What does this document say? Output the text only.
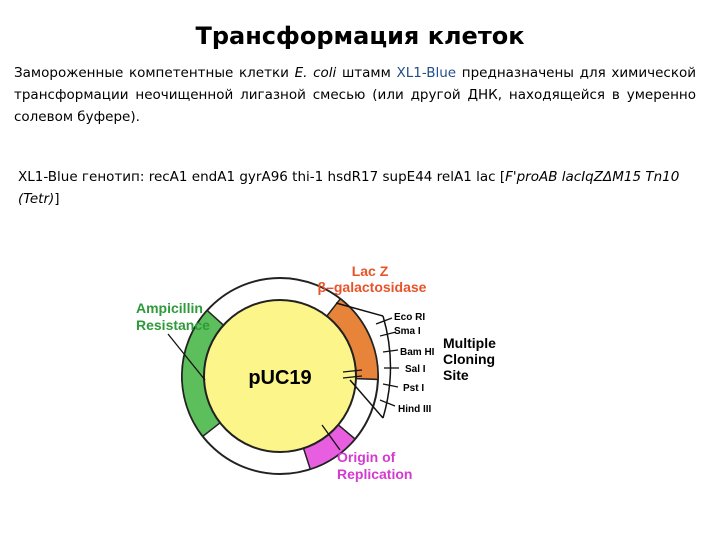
Трансформация клеток
Замороженные компетентные клетки E. coli штамм XL1-Blue предназначены для химической трансформации неочищенной лигазной смесью (или другой ДНК, находящейся в умеренно солевом буфере).
XL1-Blue генотип: recA1 endA1 gyrA96 thi-1 hsdR17 supE44 relA1 lac [F'proAB lacIqZΔM15 Tn10 (Tetr)]
pUC19
Lac Z
β–galactosidase
Ampicillin
Resistance
Origin of
Replication
Multiple
Cloning
Site
Eco RI
Sma I
Bam HI
Sal I
Pst I
Hind III
